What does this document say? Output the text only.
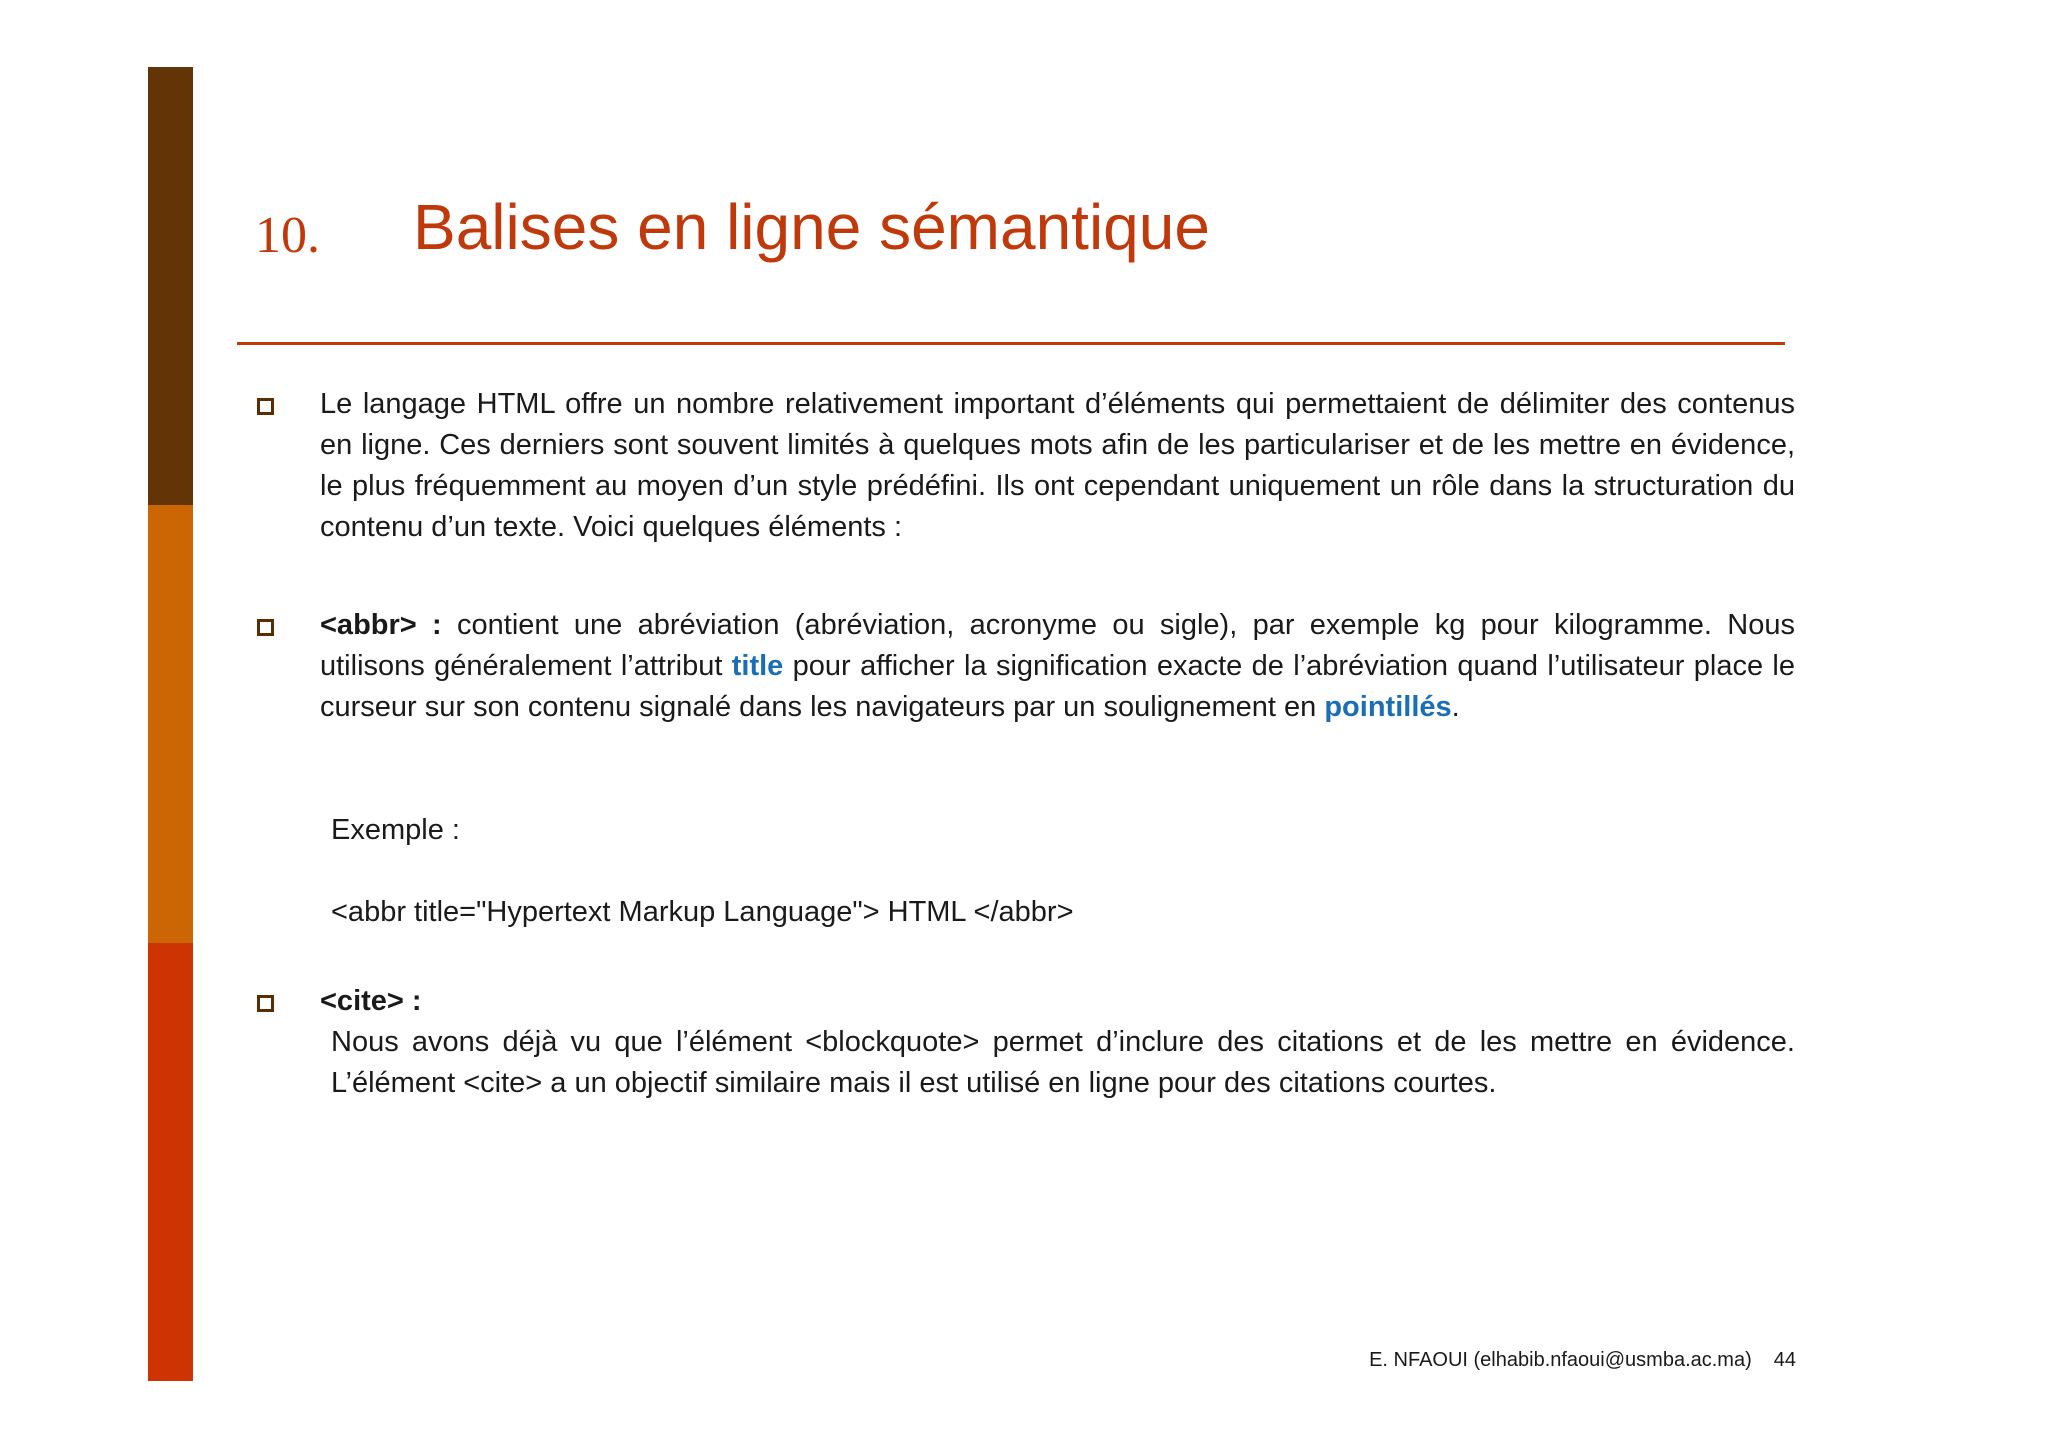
10. Balises en ligne sémantique
Le langage HTML offre un nombre relativement important d’éléments qui permettaient de délimiter des contenus en ligne. Ces derniers sont souvent limités à quelques mots afin de les particulariser et de les mettre en évidence, le plus fréquemment au moyen d’un style prédéfini. Ils ont cependant uniquement un rôle dans la structuration du contenu d’un texte. Voici quelques éléments :
<abbr> : contient une abréviation (abréviation, acronyme ou sigle), par exemple kg pour kilogramme. Nous utilisons généralement l’attribut title pour afficher la signification exacte de l’abréviation quand l’utilisateur place le curseur sur son contenu signalé dans les navigateurs par un soulignement en pointillés.
Exemple :
<abbr title="Hypertext Markup Language"> HTML </abbr>
<cite> :
Nous avons déjà vu que l’élément <blockquote> permet d’inclure des citations et de les mettre en évidence. L’élément <cite> a un objectif similaire mais il est utilisé en ligne pour des citations courtes.
E. NFAOUI (elhabib.nfaoui@usmba.ac.ma) 44
